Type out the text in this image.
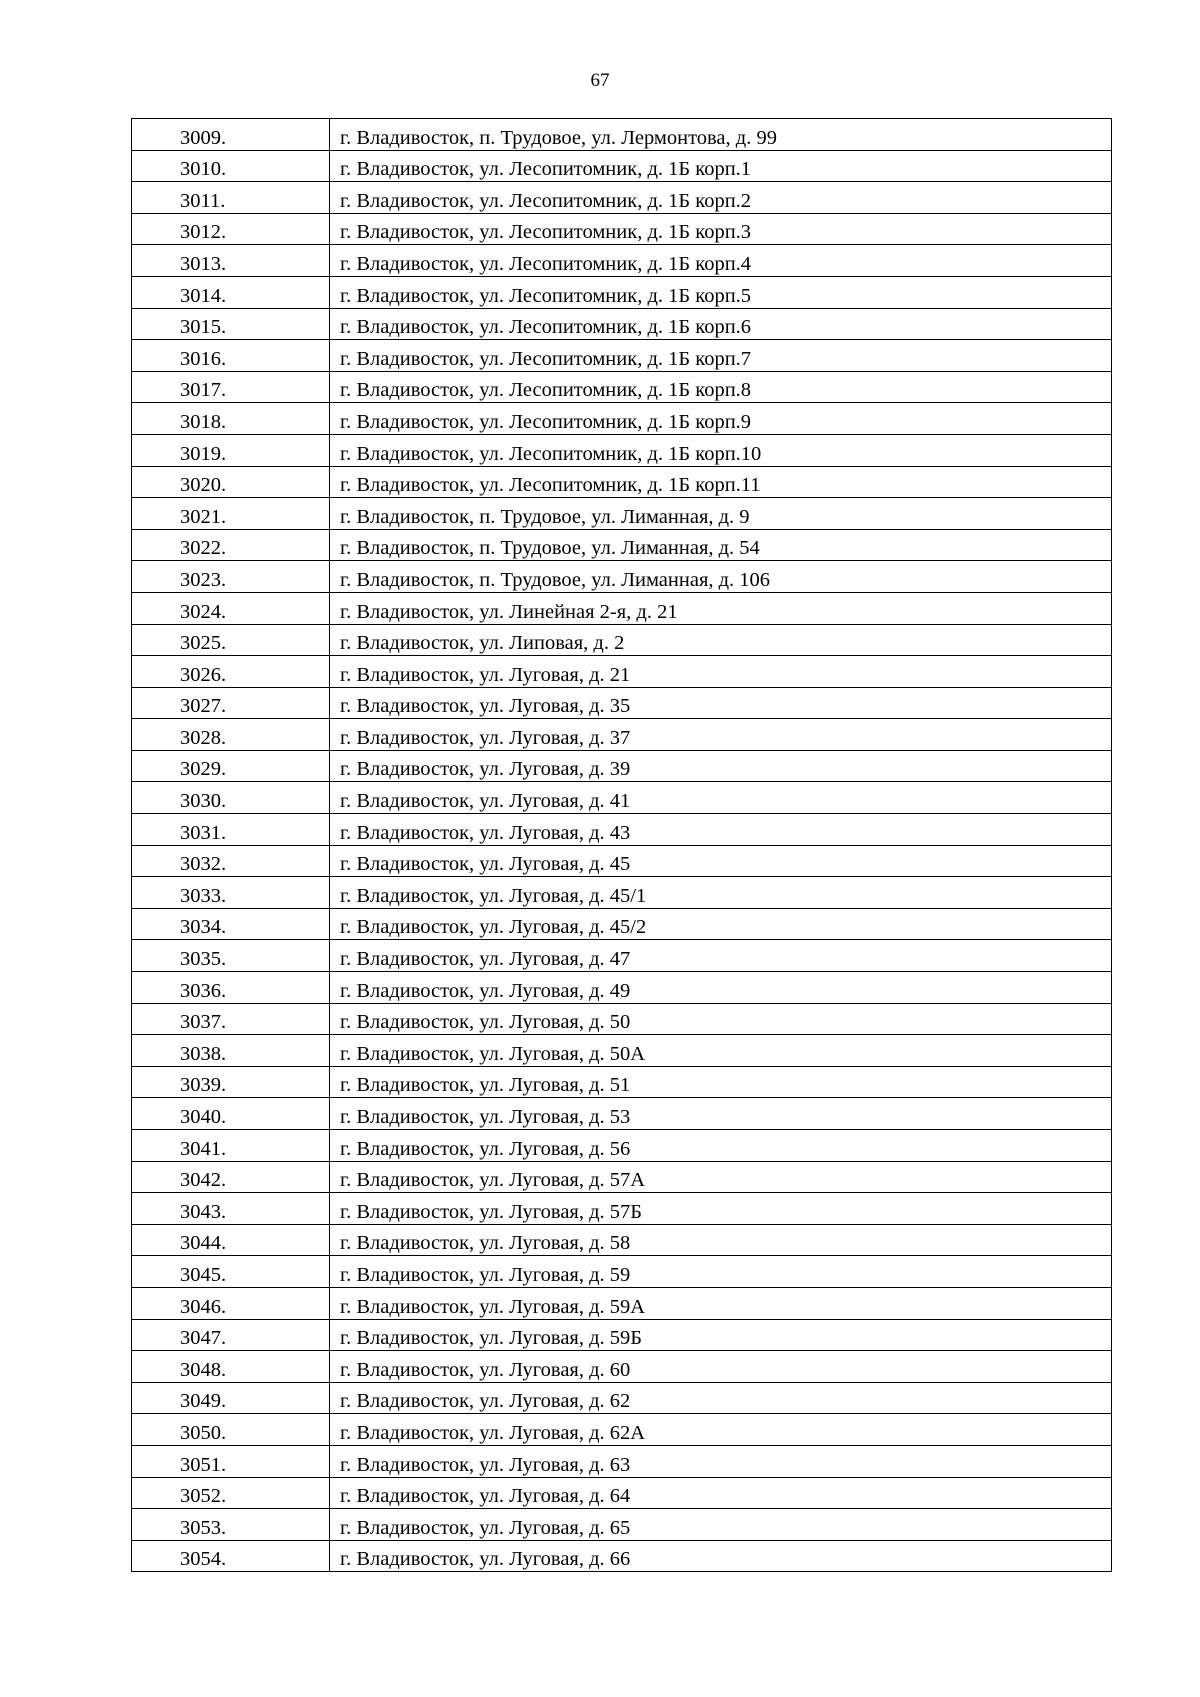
67
3009.	г. Владивосток, п. Трудовое, ул. Лермонтова, д. 99
3010.	г. Владивосток, ул. Лесопитомник, д. 1Б корп.1
3011.	г. Владивосток, ул. Лесопитомник, д. 1Б корп.2
3012.	г. Владивосток, ул. Лесопитомник, д. 1Б корп.3
3013.	г. Владивосток, ул. Лесопитомник, д. 1Б корп.4
3014.	г. Владивосток, ул. Лесопитомник, д. 1Б корп.5
3015.	г. Владивосток, ул. Лесопитомник, д. 1Б корп.6
3016.	г. Владивосток, ул. Лесопитомник, д. 1Б корп.7
3017.	г. Владивосток, ул. Лесопитомник, д. 1Б корп.8
3018.	г. Владивосток, ул. Лесопитомник, д. 1Б корп.9
3019.	г. Владивосток, ул. Лесопитомник, д. 1Б корп.10
3020.	г. Владивосток, ул. Лесопитомник, д. 1Б корп.11
3021.	г. Владивосток, п. Трудовое, ул. Лиманная, д. 9
3022.	г. Владивосток, п. Трудовое, ул. Лиманная, д. 54
3023.	г. Владивосток, п. Трудовое, ул. Лиманная, д. 106
3024.	г. Владивосток, ул. Линейная 2-я, д. 21
3025.	г. Владивосток, ул. Липовая, д. 2
3026.	г. Владивосток, ул. Луговая, д. 21
3027.	г. Владивосток, ул. Луговая, д. 35
3028.	г. Владивосток, ул. Луговая, д. 37
3029.	г. Владивосток, ул. Луговая, д. 39
3030.	г. Владивосток, ул. Луговая, д. 41
3031.	г. Владивосток, ул. Луговая, д. 43
3032.	г. Владивосток, ул. Луговая, д. 45
3033.	г. Владивосток, ул. Луговая, д. 45/1
3034.	г. Владивосток, ул. Луговая, д. 45/2
3035.	г. Владивосток, ул. Луговая, д. 47
3036.	г. Владивосток, ул. Луговая, д. 49
3037.	г. Владивосток, ул. Луговая, д. 50
3038.	г. Владивосток, ул. Луговая, д. 50А
3039.	г. Владивосток, ул. Луговая, д. 51
3040.	г. Владивосток, ул. Луговая, д. 53
3041.	г. Владивосток, ул. Луговая, д. 56
3042.	г. Владивосток, ул. Луговая, д. 57А
3043.	г. Владивосток, ул. Луговая, д. 57Б
3044.	г. Владивосток, ул. Луговая, д. 58
3045.	г. Владивосток, ул. Луговая, д. 59
3046.	г. Владивосток, ул. Луговая, д. 59А
3047.	г. Владивосток, ул. Луговая, д. 59Б
3048.	г. Владивосток, ул. Луговая, д. 60
3049.	г. Владивосток, ул. Луговая, д. 62
3050.	г. Владивосток, ул. Луговая, д. 62А
3051.	г. Владивосток, ул. Луговая, д. 63
3052.	г. Владивосток, ул. Луговая, д. 64
3053.	г. Владивосток, ул. Луговая, д. 65
3054.	г. Владивосток, ул. Луговая, д. 66
